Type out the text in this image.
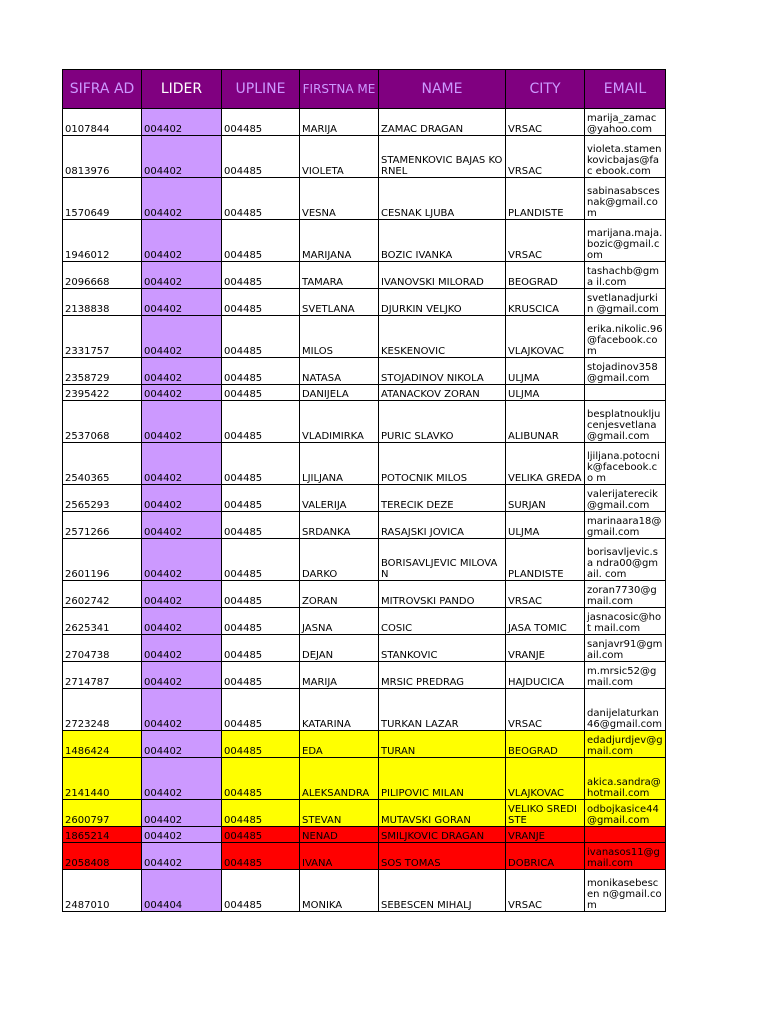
SIFRA AD	LIDER	UPLINE	FIRSTNA ME	NAME	CITY	EMAIL
0107844	004402	004485	MARIJA	ZAMAC DRAGAN	VRSAC	marija_zamac @yahoo.com
0813976	004402	004485	VIOLETA	STAMENKOVIC BAJAS KORNEL	VRSAC	violeta.stamen kovicbajas@fac ebook.com
1570649	004402	004485	VESNA	CESNAK LJUBA	PLANDISTE	sabinasabsces nak@gmail.co m
1946012	004402	004485	MARIJANA	BOZIC IVANKA	VRSAC	marijana.maja. bozic@gmail.c om
2096668	004402	004485	TAMARA	IVANOVSKI MILORAD	BEOGRAD	tashachb@gma il.com
2138838	004402	004485	SVETLANA	DJURKIN VELJKO	KRUSCICA	svetlanadjurkin @gmail.com
2331757	004402	004485	MILOS	KESKENOVIC	VLAJKOVAC	erika.nikolic.96 @facebook.co m
2358729	004402	004485	NATASA	STOJADINOV NIKOLA	ULJMA	stojadinov358 @gmail.com
2395422	004402	004485	DANIJELA	ATANACKOV ZORAN	ULJMA	
2537068	004402	004485	VLADIMIRKA	PURIC SLAVKO	ALIBUNAR	besplatnouklju cenjesvetlana @gmail.com
2540365	004402	004485	LJILJANA	POTOCNIK MILOS	VELIKA GREDA	ljiljana.potocni k@facebook.co m
2565293	004402	004485	VALERIJA	TERECIK DEZE	SURJAN	valerijaterecik @gmail.com
2571266	004402	004485	SRDANKA	RASAJSKI JOVICA	ULJMA	marinaara18@ gmail.com
2601196	004402	004485	DARKO	BORISAVLJEVIC MILOVAN	PLANDISTE	borisavljevic.sa ndra00@gmail. com
2602742	004402	004485	ZORAN	MITROVSKI PANDO	VRSAC	zoran7730@g mail.com
2625341	004402	004485	JASNA	COSIC	JASA TOMIC	jasnacosic@hot mail.com
2704738	004402	004485	DEJAN	STANKOVIC	VRANJE	sanjavr91@gm ail.com
2714787	004402	004485	MARIJA	MRSIC PREDRAG	HAJDUCICA	m.mrsic52@g mail.com
2723248	004402	004485	KATARINA	TURKAN LAZAR	VRSAC	danijelaturkan 46@gmail.com
1486424	004402	004485	EDA	TURAN	BEOGRAD	edadjurdjev@g mail.com
2141440	004402	004485	ALEKSANDRA	PILIPOVIC MILAN	VLAJKOVAC	akica.sandra@ hotmail.com
2600797	004402	004485	STEVAN	MUTAVSKI GORAN	VELIKO SREDISTE	odbojkasice44 @gmail.com
1865214	004402	004485	NENAD	SMILJKOVIC DRAGAN	VRANJE	
2058408	004402	004485	IVANA	SOS TOMAS	DOBRICA	ivanasos11@g mail.com
2487010	004404	004485	MONIKA	SEBESCEN MIHALJ	VRSAC	monikasebescen n@gmail.com
